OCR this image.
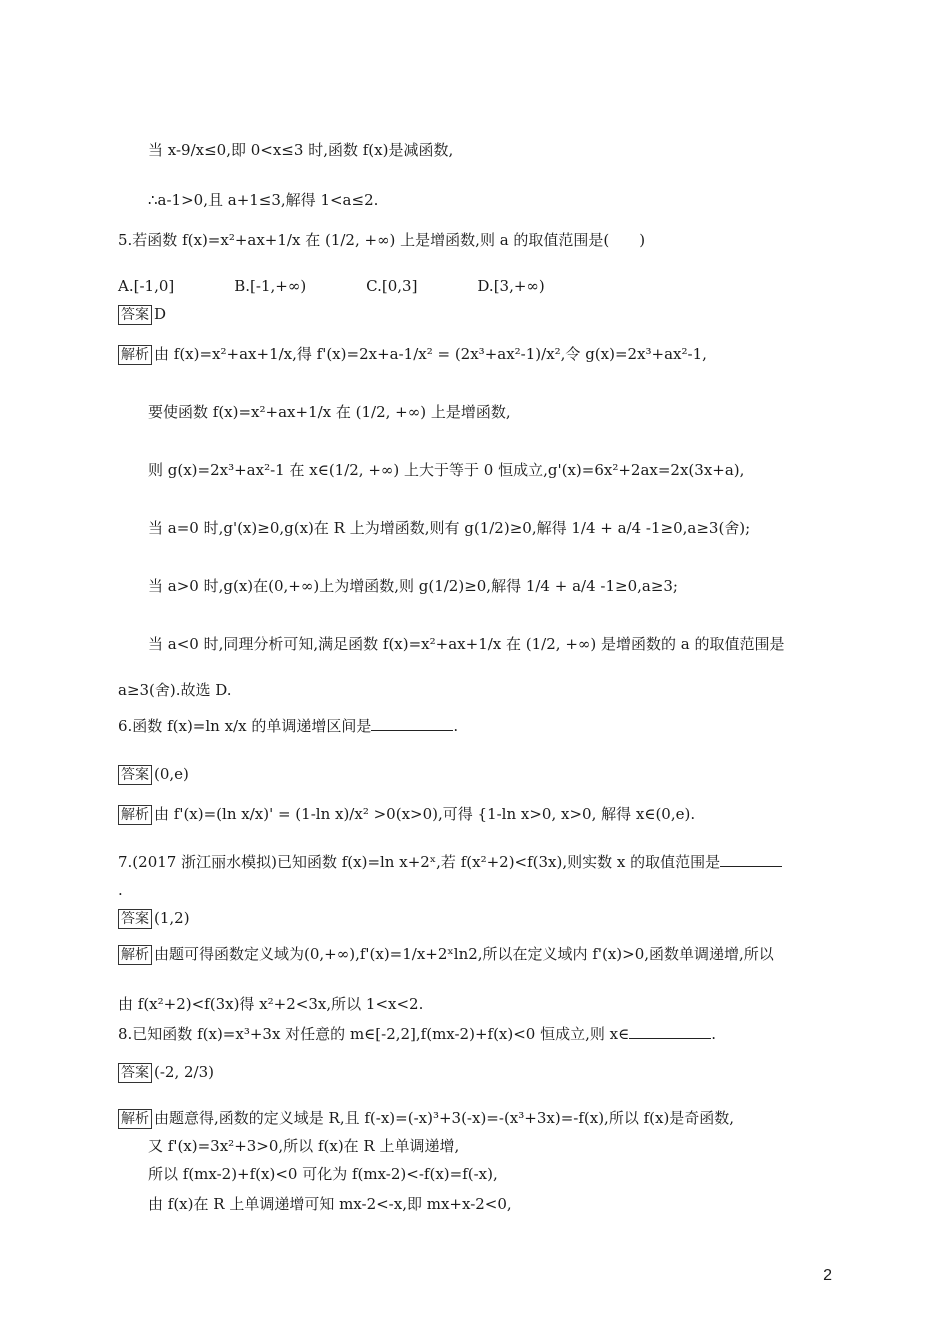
当 x-9/x≤0,即 0<x≤3 时,函数 f(x)是减函数,
∴a-1>0,且 a+1≤3,解得 1<a≤2.
5.若函数 f(x)=x²+ax+1/x 在 (1/2, +∞) 上是增函数,则 a 的取值范围是(　　)
A.[-1,0]　　　　B.[-1,+∞)　　　　C.[0,3]　　　　D.[3,+∞)
答案 D
解析 由 f(x)=x²+ax+1/x,得 f'(x)=2x+a-1/x² = (2x³+ax²-1)/x²,令 g(x)=2x³+ax²-1,
要使函数 f(x)=x²+ax+1/x 在 (1/2, +∞) 上是增函数,
则 g(x)=2x³+ax²-1 在 x∈(1/2, +∞) 上大于等于 0 恒成立,g'(x)=6x²+2ax=2x(3x+a),
当 a=0 时,g'(x)≥0,g(x)在 R 上为增函数,则有 g(1/2)≥0,解得 1/4 + a/4 -1≥0,a≥3(舍);
当 a>0 时,g(x)在(0,+∞)上为增函数,则 g(1/2)≥0,解得 1/4 + a/4 -1≥0,a≥3;
当 a<0 时,同理分析可知,满足函数 f(x)=x²+ax+1/x 在 (1/2, +∞) 是增函数的 a 的取值范围是
a≥3(舍).故选 D.
6.函数 f(x)=ln x/x 的单调递增区间是	.
答案 (0,e)
解析 由 f'(x)=(ln x/x)' = (1-ln x)/x² >0(x>0),可得 {1-ln x>0, x>0, 解得 x∈(0,e).
7.(2017 浙江丽水模拟)已知函数 f(x)=ln x+2ˣ,若 f(x²+2)<f(3x),则实数 x 的取值范围是
.
答案 (1,2)
解析 由题可得函数定义域为(0,+∞),f'(x)=1/x+2ˣln2,所以在定义域内 f'(x)>0,函数单调递增,所以
由 f(x²+2)<f(3x)得 x²+2<3x,所以 1<x<2.
8.已知函数 f(x)=x³+3x 对任意的 m∈[-2,2],f(mx-2)+f(x)<0 恒成立,则 x∈	.
答案 (-2, 2/3)
解析 由题意得,函数的定义域是 R,且 f(-x)=(-x)³+3(-x)=-(x³+3x)=-f(x),所以 f(x)是奇函数,
又 f'(x)=3x²+3>0,所以 f(x)在 R 上单调递增,
所以 f(mx-2)+f(x)<0 可化为 f(mx-2)<-f(x)=f(-x),
由 f(x)在 R 上单调递增可知 mx-2<-x,即 mx+x-2<0,
2
